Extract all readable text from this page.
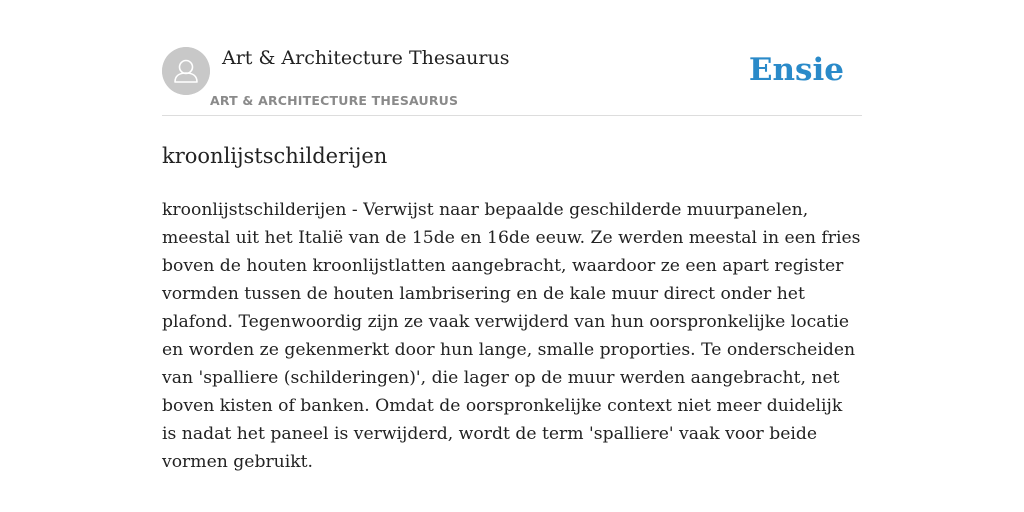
Art & Architecture Thesaurus
ART & ARCHITECTURE THESAURUS
Ensie
kroonlijstschilderijen

kroonlijstschilderijen - Verwijst naar bepaalde geschilderde muurpanelen, meestal uit het Italië van de 15de en 16de eeuw. Ze werden meestal in een fries boven de houten kroonlijstlatten aangebracht, waardoor ze een apart register vormden tussen de houten lambrisering en de kale muur direct onder het plafond. Tegenwoordig zijn ze vaak verwijderd van hun oorspronkelijke locatie en worden ze gekenmerkt door hun lange, smalle proporties. Te onderscheiden van 'spalliere (schilderingen)', die lager op de muur werden aangebracht, net boven kisten of banken. Omdat de oorspronkelijke context niet meer duidelijk is nadat het paneel is verwijderd, wordt de term 'spalliere' vaak voor beide vormen gebruikt.
